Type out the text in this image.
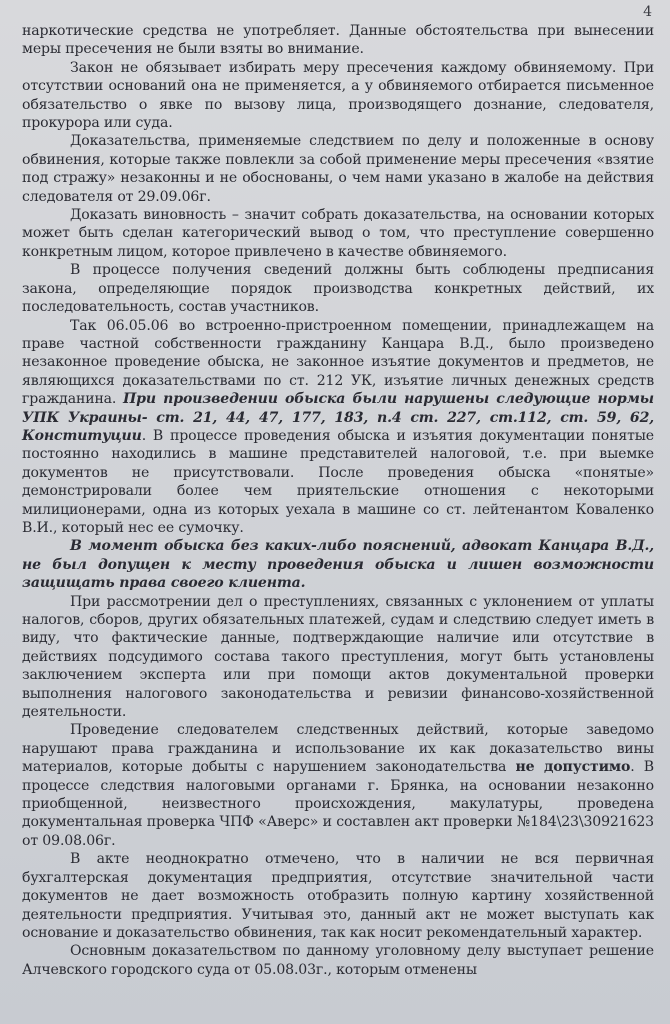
4

наркотические средства не употребляет. Данные обстоятельства при вынесении меры пресечения не были взяты во внимание.

Закон не обязывает избирать меру пресечения каждому обвиняемому. При отсутствии оснований она не применяется, а у обвиняемого отбирается письменное обязательство о явке по вызову лица, производящего дознание, следователя, прокурора или суда.

Доказательства, применяемые следствием по делу и положенные в основу обвинения, которые также повлекли за собой применение меры пресечения «взятие под стражу» незаконны и не обоснованы, о чем нами указано в жалобе на действия следователя от 29.09.06г.

Доказать виновность – значит собрать доказательства, на основании которых может быть сделан категорический вывод о том, что преступление совершенно конкретным лицом, которое привлечено в качестве обвиняемого.

В процессе получения сведений должны быть соблюдены предписания закона, определяющие порядок производства конкретных действий, их последовательность, состав участников.

Так 06.05.06 во встроенно-пристроенном помещении, принадлежащем на праве частной собственности гражданину Канцара В.Д., было произведено незаконное проведение обыска, не законное изъятие документов и предметов, не являющихся доказательствами по ст. 212 УК, изъятие личных денежных средств гражданина. При произведении обыска были нарушены следующие нормы УПК Украины- ст. 21, 44, 47, 177, 183, п.4 ст. 227, ст.112, ст. 59, 62, Конституции. В процессе проведения обыска и изъятия документации понятые постоянно находились в машине представителей налоговой, т.е. при выемке документов не присутствовали. После проведения обыска «понятые» демонстрировали более чем приятельские отношения с некоторыми милиционерами, одна из которых уехала в машине со ст. лейтенантом Коваленко В.И., который нес ее сумочку.

В момент обыска без каких-либо пояснений, адвокат Канцара В.Д., не был допущен к месту проведения обыска и лишен возможности защищать права своего клиента.

При рассмотрении дел о преступлениях, связанных с уклонением от уплаты налогов, сборов, других обязательных платежей, судам и следствию следует иметь в виду, что фактические данные, подтверждающие наличие или отсутствие в действиях подсудимого состава такого преступления, могут быть установлены заключением эксперта или при помощи актов документальной проверки выполнения налогового законодательства и ревизии финансово-хозяйственной деятельности.

Проведение следователем следственных действий, которые заведомо нарушают права гражданина и использование их как доказательство вины материалов, которые добыты с нарушением законодательства не допустимо. В процессе следствия налоговыми органами г. Брянка, на основании незаконно приобщенной, неизвестного происхождения, макулатуры, проведена документальная проверка ЧПФ «Аверс» и составлен акт проверки №184\23\30921623 от 09.08.06г.

В акте неоднократно отмечено, что в наличии не вся первичная бухгалтерская документация предприятия, отсутствие значительной части документов не дает возможность отобразить полную картину хозяйственной деятельности предприятия. Учитывая это, данный акт не может выступать как основание и доказательство обвинения, так как носит рекомендательный характер.

Основным доказательством по данному уголовному делу выступает решение Алчевского городского суда от 05.08.03г., которым отменены
